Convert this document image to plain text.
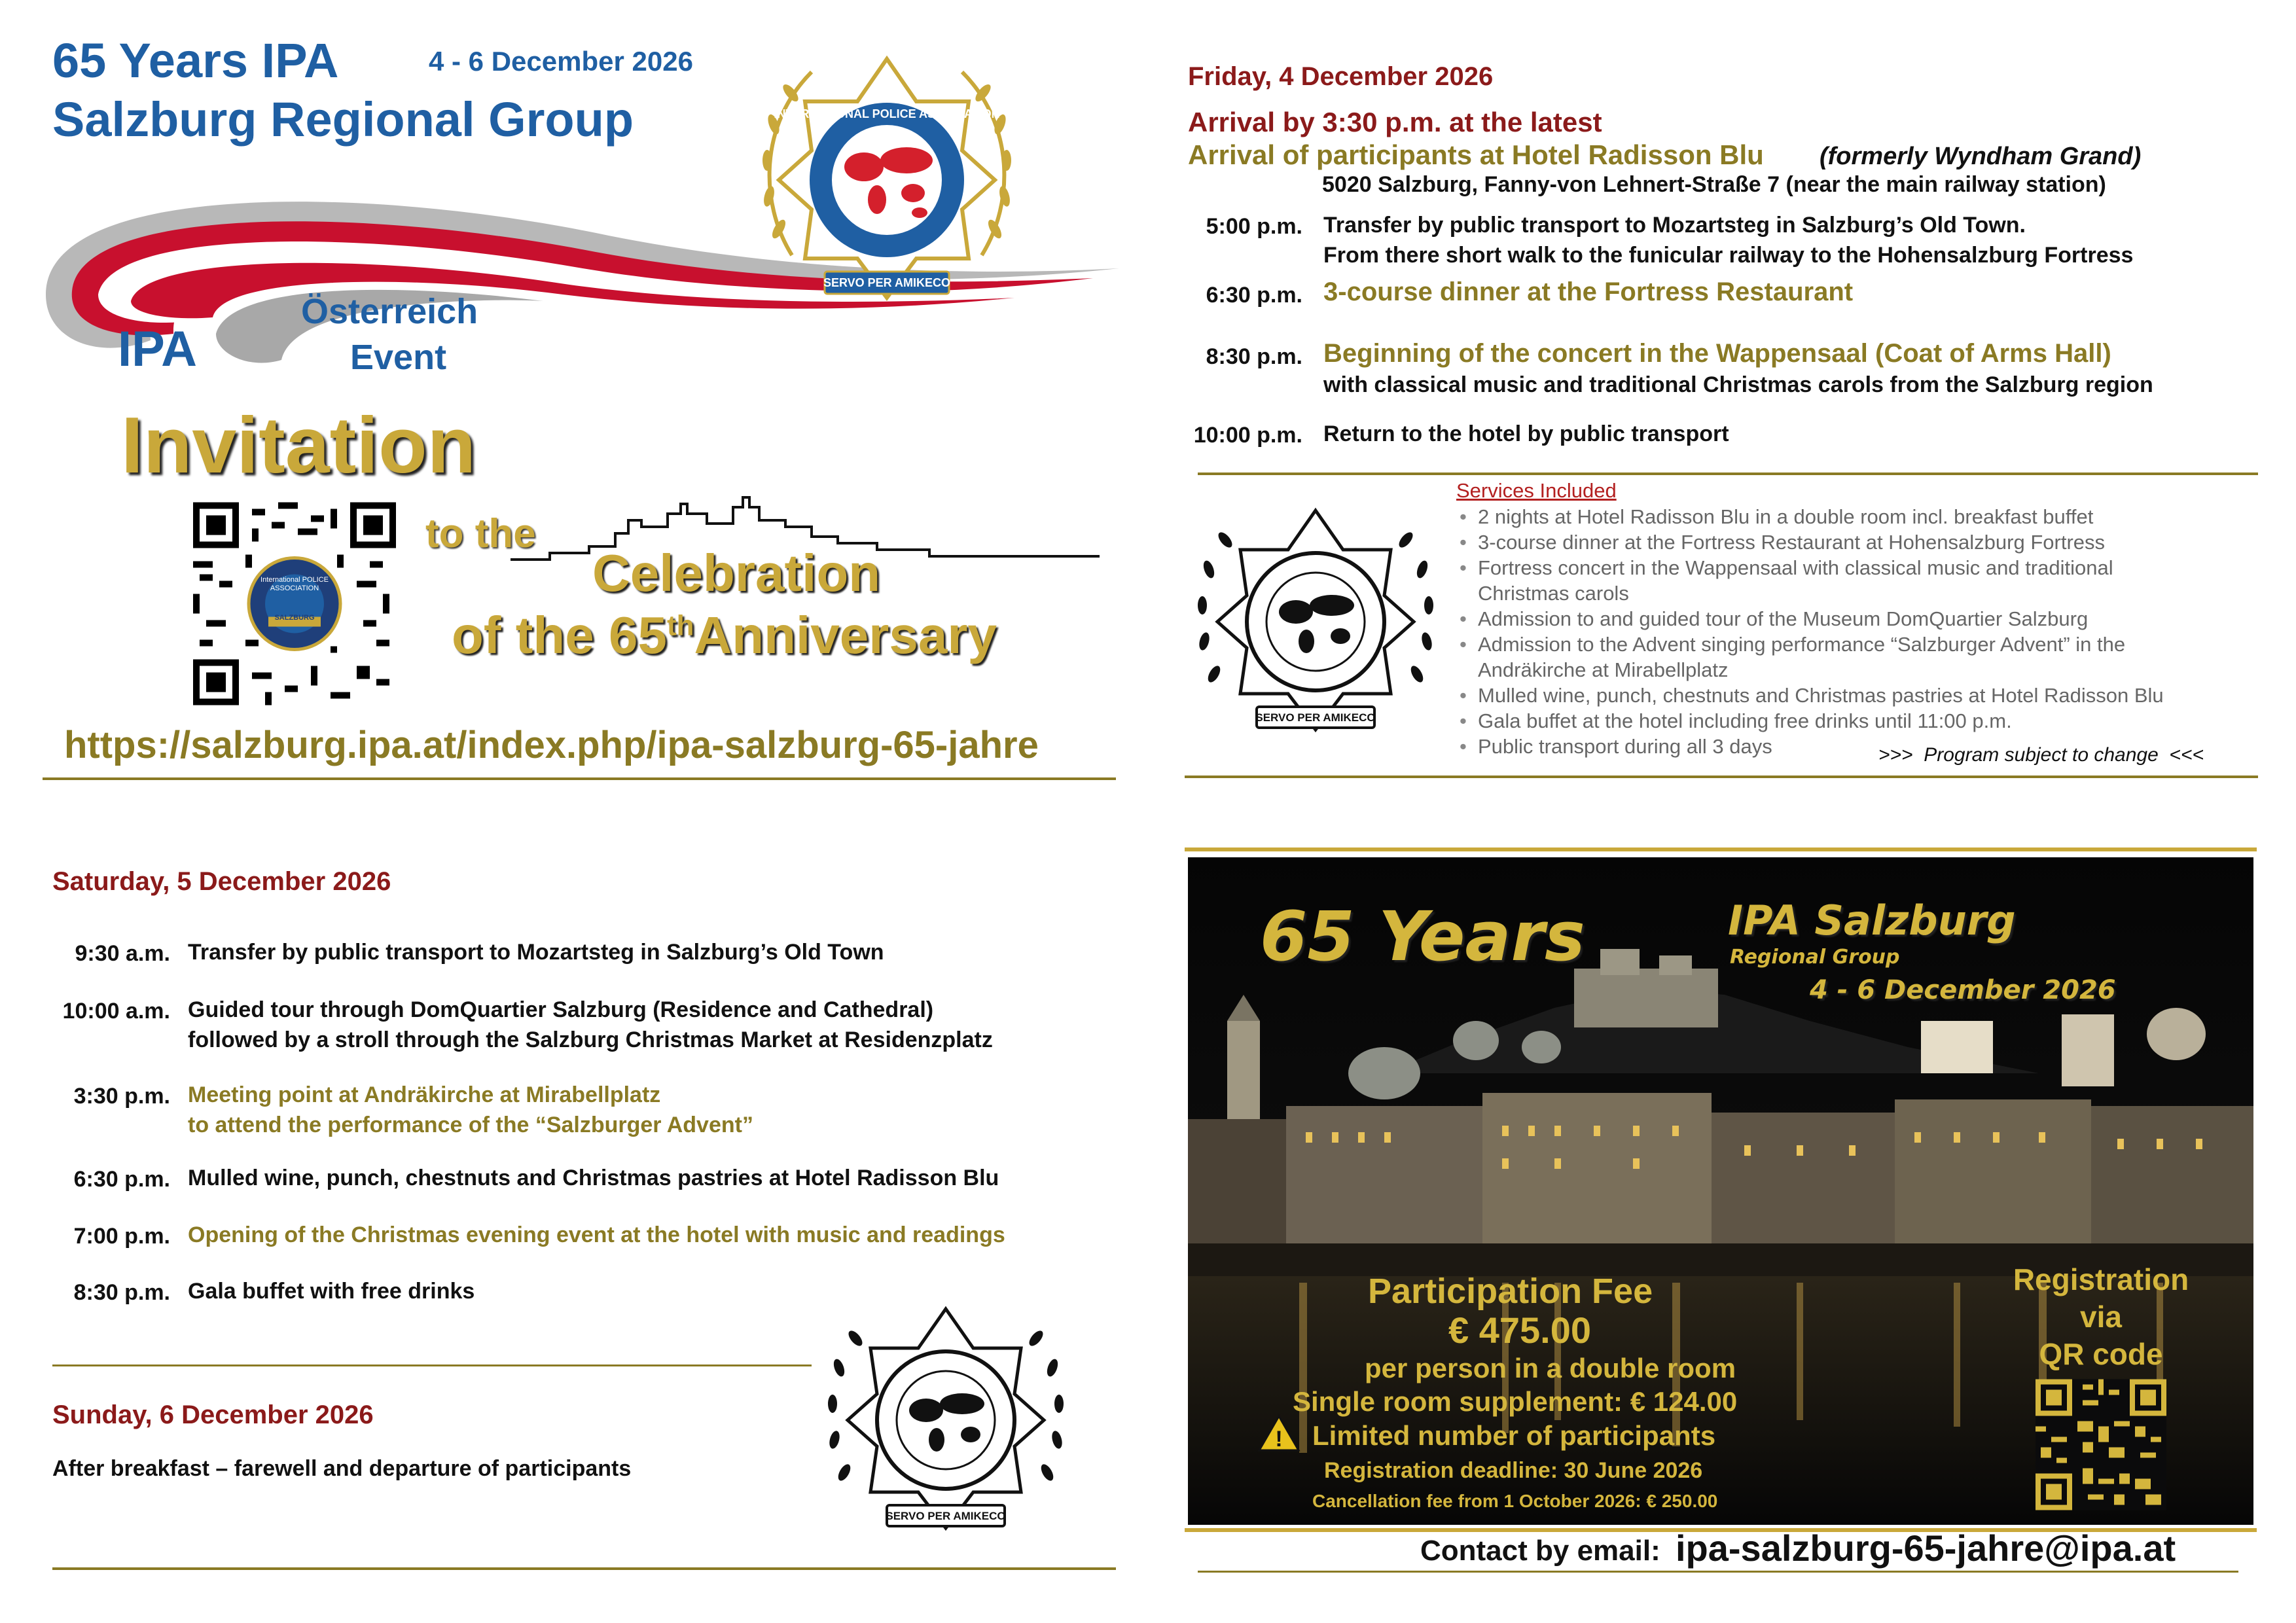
65 Years IPA
Salzburg Regional Group
4 - 6 December 2026
IPA
Österreich
Event
INTERNATIONAL POLICE ASSOCIATION
SERVO PER AMIKECO
Invitation
International POLICE ASSOCIATION
SALZBURG
to the
Celebration
of the 65thAnniversary
https://salzburg.ipa.at/index.php/ipa-salzburg-65-jahre
Friday, 4 December 2026
Arrival by 3:30 p.m. at the latest
Arrival of participants at Hotel Radisson Blu (formerly Wyndham Grand)
5020 Salzburg, Fanny-von Lehnert-Straße 7 (near the main railway station)
5:00 p.m. Transfer by public transport to Mozartsteg in Salzburg’s Old Town.
From there short walk to the funicular railway to the Hohensalzburg Fortress
6:30 p.m. 3-course dinner at the Fortress Restaurant
8:30 p.m. Beginning of the concert in the Wappensaal (Coat of Arms Hall)
with classical music and traditional Christmas carols from the Salzburg region
10:00 p.m. Return to the hotel by public transport
SERVO PER AMIKECO
Services Included

• 2 nights at Hotel Radisson Blu in a double room incl. breakfast buffet

• 3-course dinner at the Fortress Restaurant at Hohensalzburg Fortress

• Fortress concert in the Wappensaal with classical music and traditional Christmas carols

• Admission to and guided tour of the Museum DomQuartier Salzburg

• Admission to the Advent singing performance “Salzburger Advent” in the Andräkirche at Mirabellplatz

• Mulled wine, punch, chestnuts and Christmas pastries at Hotel Radisson Blu

• Gala buffet at the hotel including free drinks until 11:00 p.m.

• Public transport during all 3 days	>>>  Program subject to change  <<<
Saturday, 5 December 2026
9:30 a.m. Transfer by public transport to Mozartsteg in Salzburg’s Old Town
10:00 a.m. Guided tour through DomQuartier Salzburg (Residence and Cathedral)
followed by a stroll through the Salzburg Christmas Market at Residenzplatz
3:30 p.m. Meeting point at Andräkirche at Mirabellplatz
to attend the performance of the “Salzburger Advent”
6:30 p.m. Mulled wine, punch, chestnuts and Christmas pastries at Hotel Radisson Blu
7:00 p.m. Opening of the Christmas evening event at the hotel with music and readings
8:30 p.m. Gala buffet with free drinks
Sunday, 6 December 2026
After breakfast – farewell and departure of participants
SERVO PER AMIKECO
65 Years	IPA Salzburg
Regional Group
4 - 6 December 2026
Participation Fee
€ 475.00
per person in a double room
Single room supplement: € 124.00
! Limited number of participants
Registration deadline: 30 June 2026
Cancellation fee from 1 October 2026: € 250.00
Registration
via
QR code
Contact by email: ipa-salzburg-65-jahre@ipa.at
